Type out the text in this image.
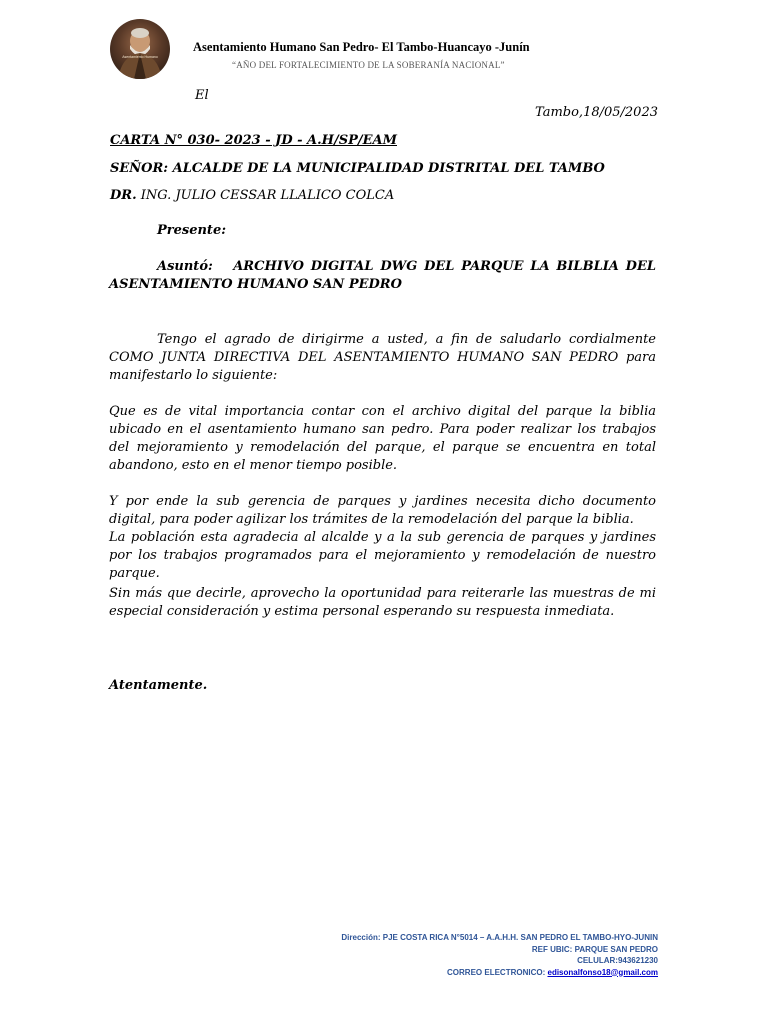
Asentamiento Humano
Asentamiento Humano San Pedro- El Tambo-Huancayo -Junín
“AÑO DEL FORTALECIMIENTO DE LA SOBERANÍA NACIONAL”
El
Tambo,18/05/2023
CARTA N° 030- 2023 - JD - A.H/SP/EAM
SEÑOR: ALCALDE DE LA MUNICIPALIDAD DISTRITAL DEL TAMBO
DR. ING. JULIO CESSAR LLALICO COLCA
Presente:
Asuntó: ARCHIVO DIGITAL DWG DEL PARQUE LA BILBLIA DEL ASENTAMIENTO HUMANO SAN PEDRO
Tengo el agrado de dirigirme a usted, a fin de saludarlo cordialmente COMO JUNTA DIRECTIVA DEL ASENTAMIENTO HUMANO SAN PEDRO para manifestarlo lo siguiente:
Que es de vital importancia contar con el archivo digital del parque la biblia ubicado en el asentamiento humano san pedro. Para poder realizar los trabajos del mejoramiento y remodelación del parque, el parque se encuentra en total abandono, esto en el menor tiempo posible.
Y por ende la sub gerencia de parques y jardines necesita dicho documento digital, para poder agilizar los trámites de la remodelación del parque la biblia.
La población esta agradecia al alcalde y a la sub gerencia de parques y jardines por los trabajos programados para el mejoramiento y remodelación de nuestro parque.
Sin más que decirle, aprovecho la oportunidad para reiterarle las muestras de mi especial consideración y estima personal esperando su respuesta inmediata.
Atentamente.
Dirección: PJE COSTA RICA N°5014 – A.A.H.H. SAN PEDRO EL TAMBO-HYO-JUNIN
REF UBIC: PARQUE SAN PEDRO
CELULAR:943621230
CORREO ELECTRONICO: edisonalfonso18@gmail.com
